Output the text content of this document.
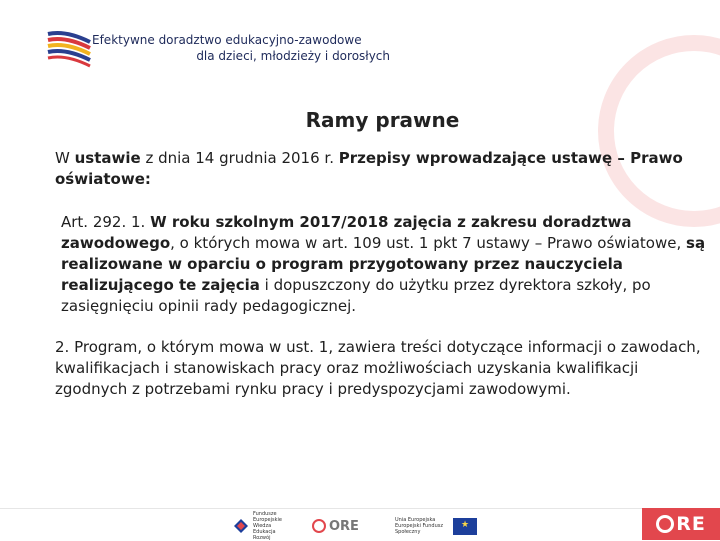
Efektywne doradztwo edukacyjno-zawodowe
dla dzieci, młodzieży i dorosłych
Ramy prawne
W ustawie z dnia 14 grudnia 2016 r. Przepisy wprowadzające ustawę – Prawo oświatowe:
Art. 292. 1. W roku szkolnym 2017/2018 zajęcia z zakresu doradztwa zawodowego, o których mowa w art. 109 ust. 1 pkt 7 ustawy – Prawo oświatowe, są realizowane w oparciu o program przygotowany przez nauczyciela realizującego te zajęcia i dopuszczony do użytku przez dyrektora szkoły, po zasięgnięciu opinii rady pedagogicznej.
2. Program, o którym mowa w ust. 1, zawiera treści dotyczące informacji o zawodach, kwalifikacjach i stanowiskach pracy oraz możliwościach uzyskania kwalifikacji zgodnych z potrzebami rynku pracy i predyspozycjami zawodowymi.
Fundusze Europejskie Wiedza Edukacja Rozwój
ORE	Unia Europejska Europejski Fundusz Społeczny
★	RE
